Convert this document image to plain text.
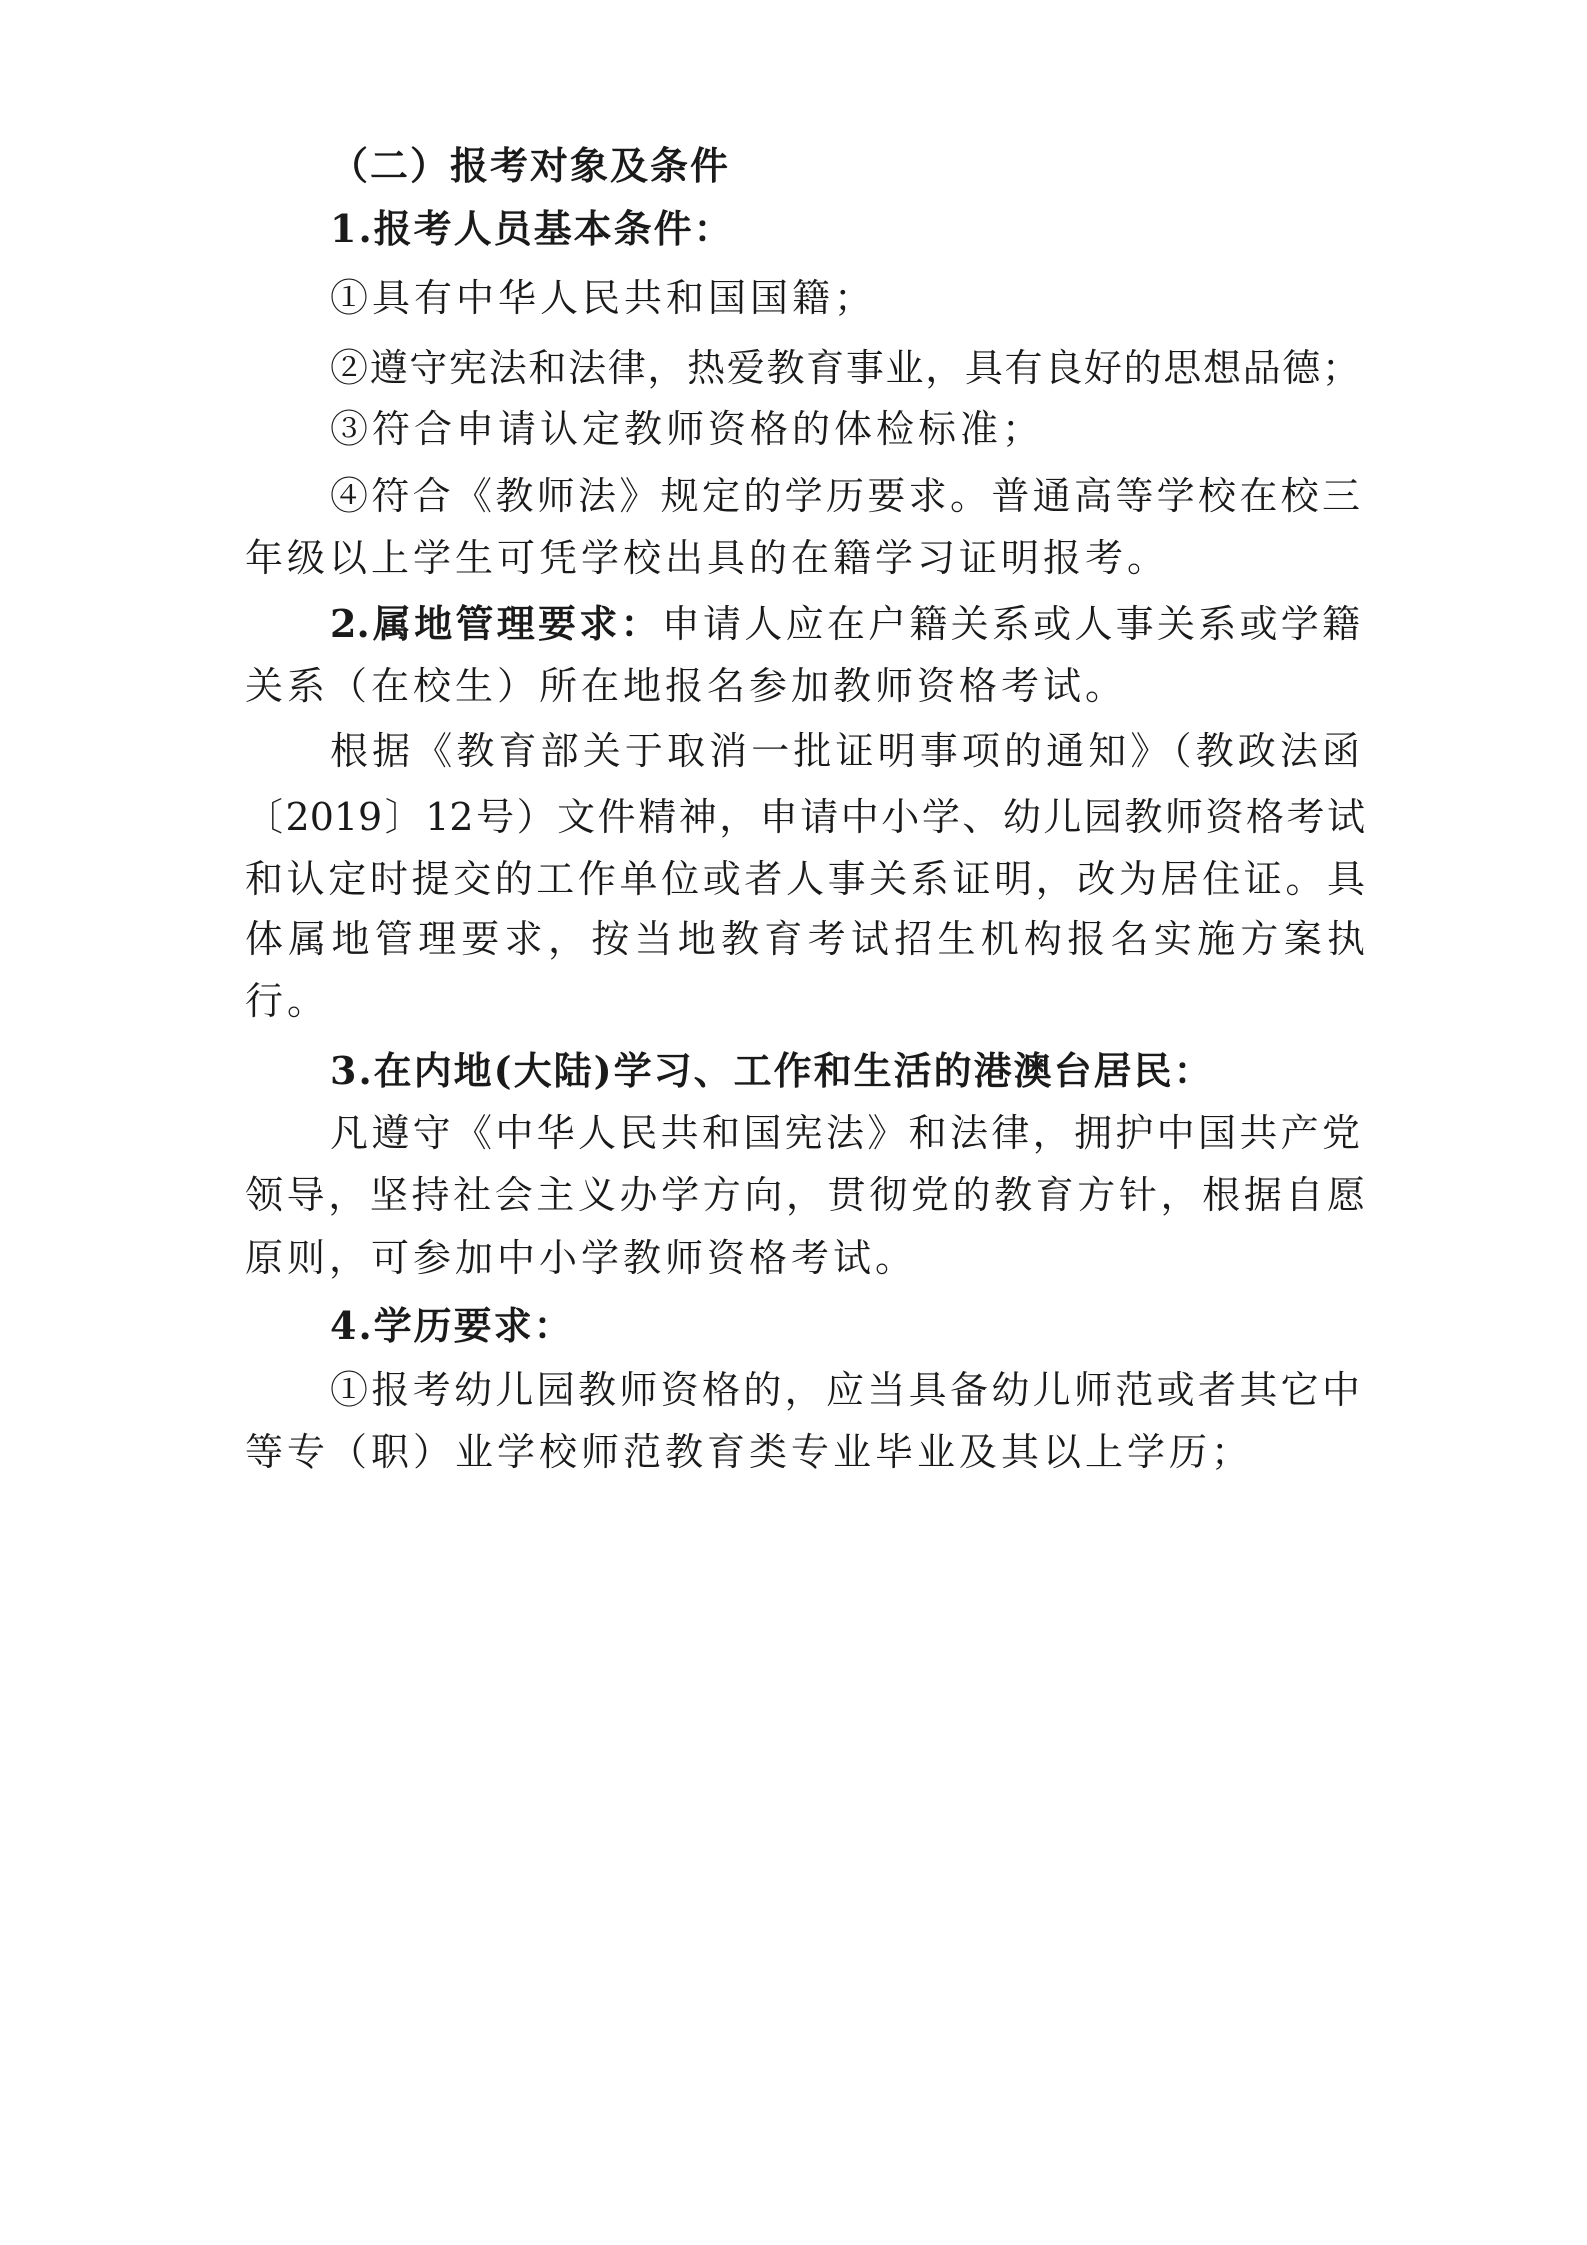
（二）报考对象及条件
1.报考人员基本条件：
①具有中华人民共和国国籍；
②遵守宪法和法律，热爱教育事业，具有良好的思想品德；
③符合申请认定教师资格的体检标准；
④符合《教师法》规定的学历要求。普通高等学校在校三
年级以上学生可凭学校出具的在籍学习证明报考。
2.属地管理要求：申请人应在户籍关系或人事关系或学籍
关系（在校生）所在地报名参加教师资格考试。
根据《教育部关于取消一批证明事项的通知》（教政法函
〔2019〕12号）文件精神，申请中小学、幼儿园教师资格考试
和认定时提交的工作单位或者人事关系证明，改为居住证。具
体属地管理要求，按当地教育考试招生机构报名实施方案执
行。
3.在内地(大陆)学习、工作和生活的港澳台居民：
凡遵守《中华人民共和国宪法》和法律，拥护中国共产党
领导，坚持社会主义办学方向，贯彻党的教育方针，根据自愿
原则，可参加中小学教师资格考试。
4.学历要求：
①报考幼儿园教师资格的，应当具备幼儿师范或者其它中
等专（职）业学校师范教育类专业毕业及其以上学历；
